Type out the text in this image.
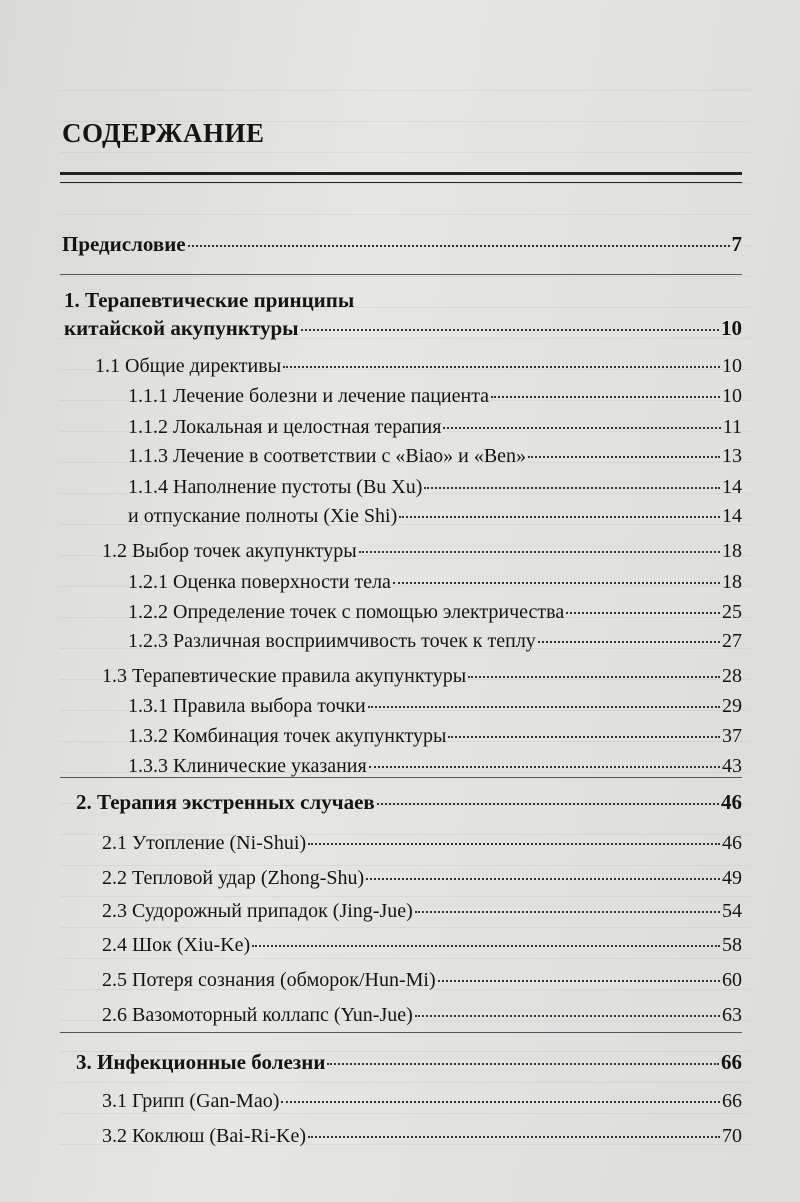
СОДЕРЖАНИЕ
Предисловие	7
1. Терапевтические принципы
китайской акупунктуры	10
1.1 Общие директивы	10
1.1.1 Лечение болезни и лечение пациента	10
1.1.2 Локальная и целостная терапия	11
1.1.3 Лечение в соответствии с «Biao» и «Ben»	13
1.1.4 Наполнение пустоты (Bu Xu)	14
и отпускание полноты (Xie Shi)	14
1.2 Выбор точек акупунктуры	18
1.2.1 Оценка поверхности тела	18
1.2.2 Определение точек с помощью электричества	25
1.2.3 Различная восприимчивость точек к теплу	27
1.3 Терапевтические правила акупунктуры	28
1.3.1 Правила выбора точки	29
1.3.2 Комбинация точек акупунктуры	37
1.3.3 Клинические указания	43
2. Терапия экстренных случаев	46
2.1 Утопление (Ni-Shui)	46
2.2 Тепловой удар (Zhong-Shu)	49
2.3 Судорожный припадок (Jing-Jue)	54
2.4 Шок (Xiu-Ke)	58
2.5 Потеря сознания (обморок/Hun-Mi)	60
2.6 Вазомоторный коллапс (Yun-Jue)	63
3. Инфекционные болезни	66
3.1 Грипп (Gan-Mao)	66
3.2 Коклюш (Bai-Ri-Ke)	70
